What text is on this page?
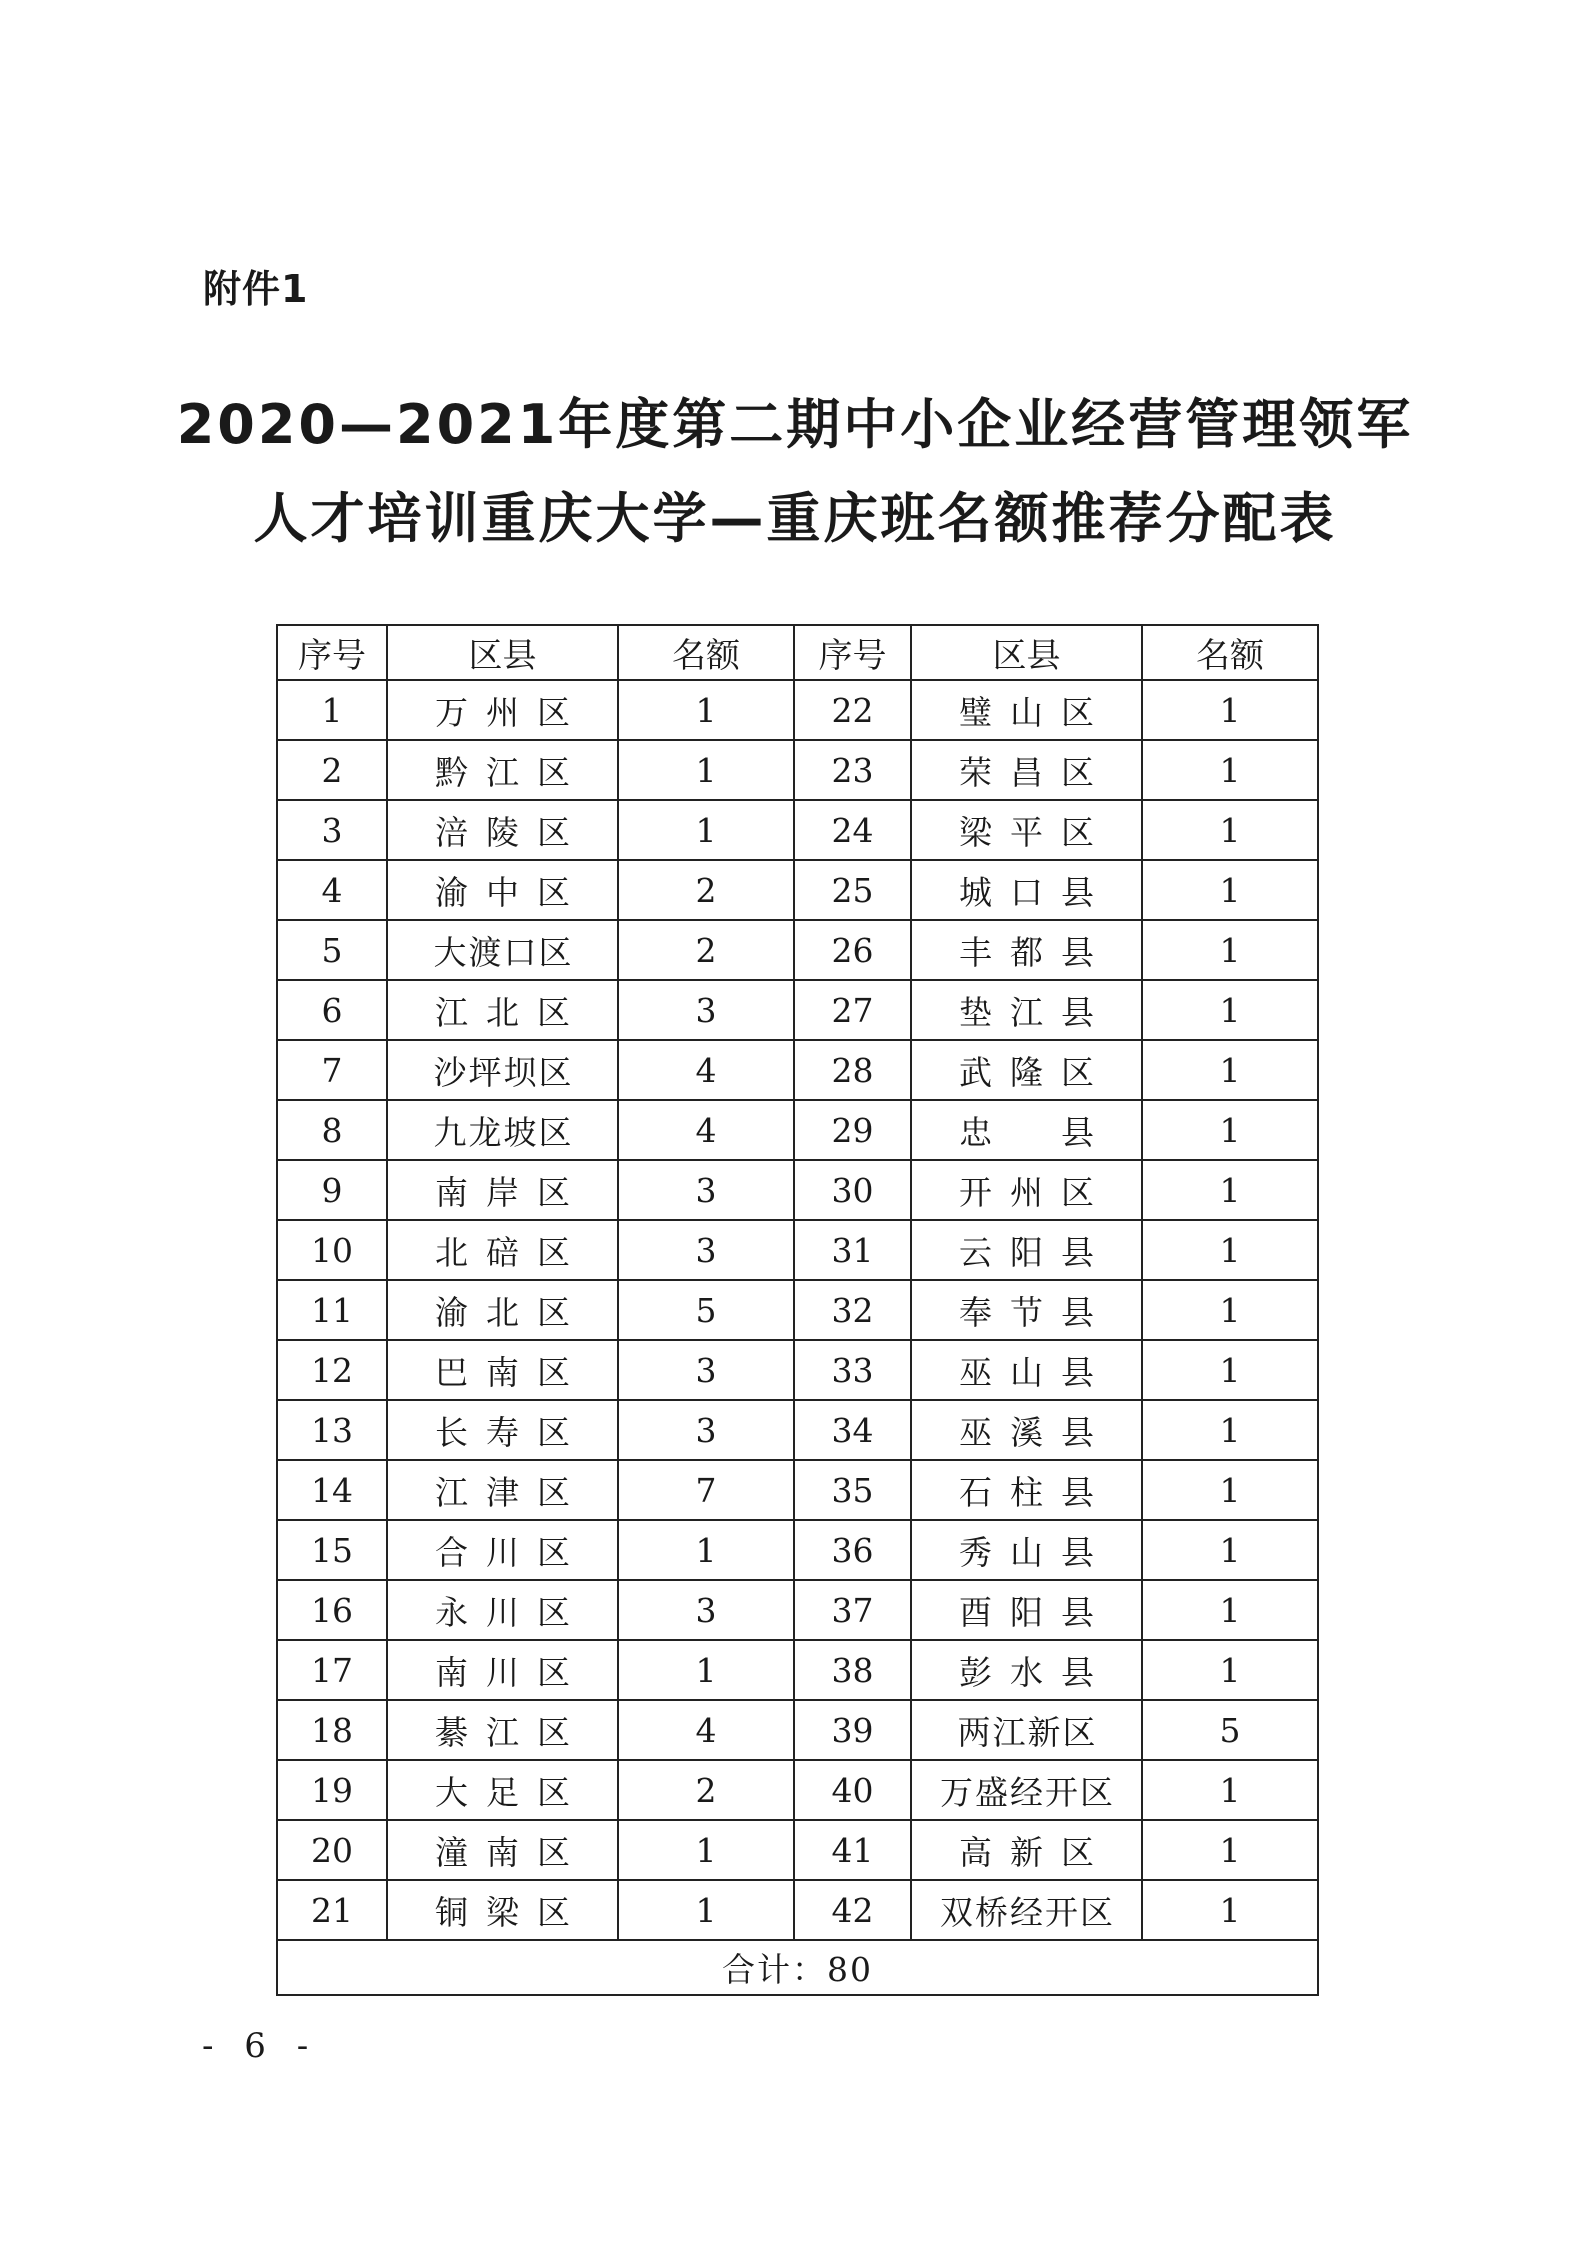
附件1
2020—2021年度第二期中小企业经营管理领军
人才培训重庆大学—重庆班名额推荐分配表
序号	区县	名额	序号	区县	名额
1	万州区	1	22	璧山区	1
2	黔江区	1	23	荣昌区	1
3	涪陵区	1	24	梁平区	1
4	渝中区	2	25	城口县	1
5	大渡口区	2	26	丰都县	1
6	江北区	3	27	垫江县	1
7	沙坪坝区	4	28	武隆区	1
8	九龙坡区	4	29	忠　县	1
9	南岸区	3	30	开州区	1
10	北碚区	3	31	云阳县	1
11	渝北区	5	32	奉节县	1
12	巴南区	3	33	巫山县	1
13	长寿区	3	34	巫溪县	1
14	江津区	7	35	石柱县	1
15	合川区	1	36	秀山县	1
16	永川区	3	37	酉阳县	1
17	南川区	1	38	彭水县	1
18	綦江区	4	39	两江新区	5
19	大足区	2	40	万盛经开区	1
20	潼南区	1	41	高新区	1
21	铜梁区	1	42	双桥经开区	1
合计：80					
- 6 -
